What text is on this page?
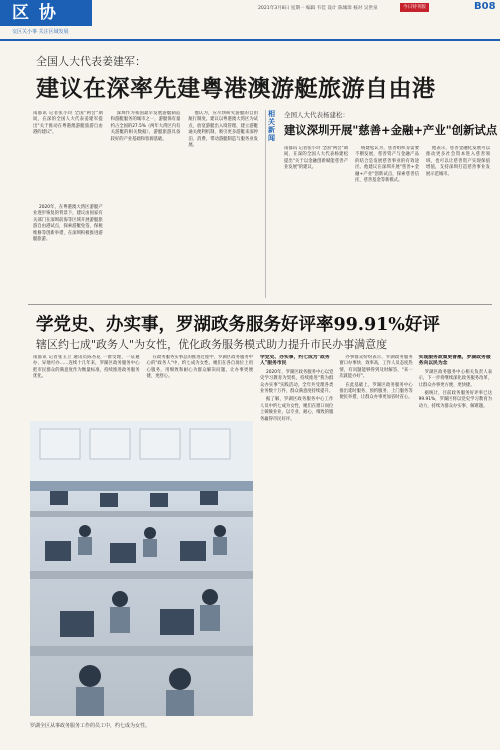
区 协
交区关小事 关注区域发展
2021年3月8日 星期一 编辑 韦佳 设计 陈城璋 核对 吴世泉	今日特刊版	B08
全国人大代表姜建军：
建议在深率先建粤港澳游艇旅游自由港

南都讯 记者张小玲 全国"两会"期间，在深的全国人大代表姜建军提出"关于推动在粤港澳游艇旅游自由港的建议"。

深圳作为我国最早发展游艇制造和游艇服务的城市之一，游艇保有量约占全国的27.5%（两年大湾区内有关游艇的相关数据），游艇旅游具备较好的产业基础和客源基础。

他认为，应尽快研究游艇的自由航行制度。建议以粤港澳大湾区为试点，放宽游艇出入境管理，建立游艇通关便利机制，吸引更多游艇来深停泊、消费，带动游艇制造与服务业发展。

2020年，在粤港澳大湾区游艇产业逐步恢复的背景下，建议由国家有关部门在深圳前海等区域开展游艇旅游自由港试点，探索游艇免签、保税维修等创新举措，在深圳积极推进游艇旅游。

相关新闻
全国人大代表杨建松：
建议深圳开展"慈善+金融+产业"创新试点

南都讯 记者张小玲 全国"两会"期间，在深的全国人大代表杨建松提出"关于以金融创新赋能慈善产业发展"的建议。

杨建松认为，慈善组织等需要不断发展，慈善资产与金融产品的结合是发展慈善事业的有效途径。他建议在深圳开展"慈善+金融+产业"创新试点，探索慈善信托、慈善基金等新模式。

他表示，慈善金融化发展可以推动更多社会资本进入慈善领域，也可以让慈善资产实现保值增值，支持深圳打造慈善事业发展示范城市。

学党史、办实事，罗湖政务服务好评率99.91%好评
辖区约七成"政务人"为女性，优化政务服务模式助力提升市民办事满意度

南都讯 记者张玉立 通讯员陈杏花 一窗受理、一证通办、异地可办……连续十几年来，罗湖区政务服务中心把市民群众的满意度作为衡量标准，持续推进政务服务优化。

在政务服务实事总的推进过程中，罗湖区政务服务中心的"政务人"中，约七成为女性。她们在各自岗位上用心服务，用细致和耐心为群众解决问题，让办事更便捷、更舒心。

罗湖全区从事政务服务工作的员工中，约七成为女性。
学党史、办实事，约七成为"政务人"服务市民

2020年，罗湖区政务服务中心以党史学习教育为契机，持续推进"我为群众办实事"实践活动，全年共受理各类业务数十万件，群众满意度持续提升。

据了解，罗湖区政务服务中心工作人员中约七成为女性，她们在窗口岗位上兢兢业业，以专业、耐心、细致的服务赢得市民好评。

办事群众纷纷表示，罗湖政务服务窗口办事快、效率高，工作人员态度热情，有问题能够得到及时解答，"来一次就能办好"。

在此基础上，罗湖区政务服务中心推出延时服务、预约服务、上门服务等便民举措，让群众办事更加省时省心。

实现服务政策更普惠，罗湖政务服务向以民为念

罗湖区政务服务中心相关负责人表示，下一步将继续深化政务服务改革，让群众办事更方便、更快捷。

据统计，目前政务服务好评率已达99.91%，罗湖区将以党史学习教育为动力，持续为群众办实事、解难题。
